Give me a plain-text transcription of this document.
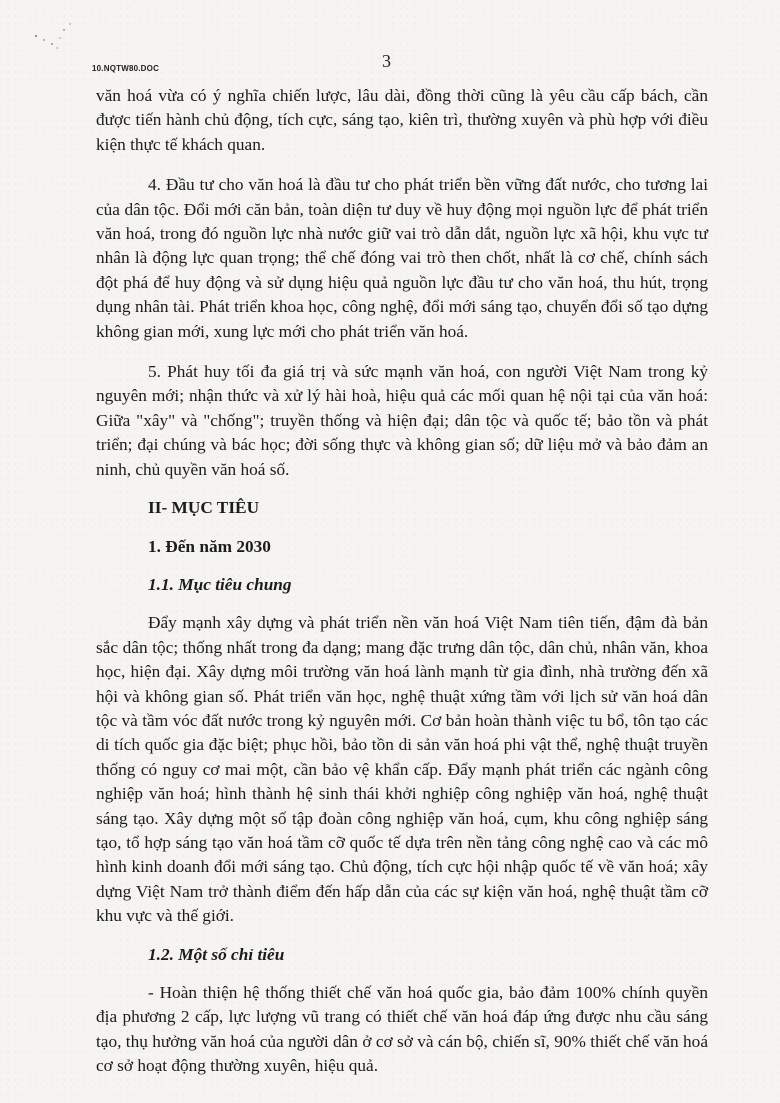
10.NQTW80.DOC	3

văn hoá vừa có ý nghĩa chiến lược, lâu dài, đồng thời cũng là yêu cầu cấp bách, cần được tiến hành chủ động, tích cực, sáng tạo, kiên trì, thường xuyên và phù hợp với điều kiện thực tế khách quan.

4. Đầu tư cho văn hoá là đầu tư cho phát triển bền vững đất nước, cho tương lai của dân tộc. Đổi mới căn bản, toàn diện tư duy về huy động mọi nguồn lực để phát triển văn hoá, trong đó nguồn lực nhà nước giữ vai trò dẫn dắt, nguồn lực xã hội, khu vực tư nhân là động lực quan trọng; thể chế đóng vai trò then chốt, nhất là cơ chế, chính sách đột phá để huy động và sử dụng hiệu quả nguồn lực đầu tư cho văn hoá, thu hút, trọng dụng nhân tài. Phát triển khoa học, công nghệ, đổi mới sáng tạo, chuyển đổi số tạo dựng không gian mới, xung lực mới cho phát triển văn hoá.

5. Phát huy tối đa giá trị và sức mạnh văn hoá, con người Việt Nam trong kỷ nguyên mới; nhận thức và xử lý hài hoà, hiệu quả các mối quan hệ nội tại của văn hoá: Giữa "xây" và "chống"; truyền thống và hiện đại; dân tộc và quốc tế; bảo tồn và phát triển; đại chúng và bác học; đời sống thực và không gian số; dữ liệu mở và bảo đảm an ninh, chủ quyền văn hoá số.

II- MỤC TIÊU

1. Đến năm 2030

1.1. Mục tiêu chung

Đẩy mạnh xây dựng và phát triển nền văn hoá Việt Nam tiên tiến, đậm đà bản sắc dân tộc; thống nhất trong đa dạng; mang đặc trưng dân tộc, dân chủ, nhân văn, khoa học, hiện đại. Xây dựng môi trường văn hoá lành mạnh từ gia đình, nhà trường đến xã hội và không gian số. Phát triển văn học, nghệ thuật xứng tầm với lịch sử văn hoá dân tộc và tầm vóc đất nước trong kỷ nguyên mới. Cơ bản hoàn thành việc tu bổ, tôn tạo các di tích quốc gia đặc biệt; phục hồi, bảo tồn di sản văn hoá phi vật thể, nghệ thuật truyền thống có nguy cơ mai một, cần bảo vệ khẩn cấp. Đẩy mạnh phát triển các ngành công nghiệp văn hoá; hình thành hệ sinh thái khởi nghiệp công nghiệp văn hoá, nghệ thuật sáng tạo. Xây dựng một số tập đoàn công nghiệp văn hoá, cụm, khu công nghiệp sáng tạo, tổ hợp sáng tạo văn hoá tầm cỡ quốc tế dựa trên nền tảng công nghệ cao và các mô hình kinh doanh đổi mới sáng tạo. Chủ động, tích cực hội nhập quốc tế về văn hoá; xây dựng Việt Nam trở thành điểm đến hấp dẫn của các sự kiện văn hoá, nghệ thuật tầm cỡ khu vực và thế giới.

1.2. Một số chỉ tiêu

- Hoàn thiện hệ thống thiết chế văn hoá quốc gia, bảo đảm 100% chính quyền địa phương 2 cấp, lực lượng vũ trang có thiết chế văn hoá đáp ứng được nhu cầu sáng tạo, thụ hưởng văn hoá của người dân ở cơ sở và cán bộ, chiến sĩ, 90% thiết chế văn hoá cơ sở hoạt động thường xuyên, hiệu quả.
